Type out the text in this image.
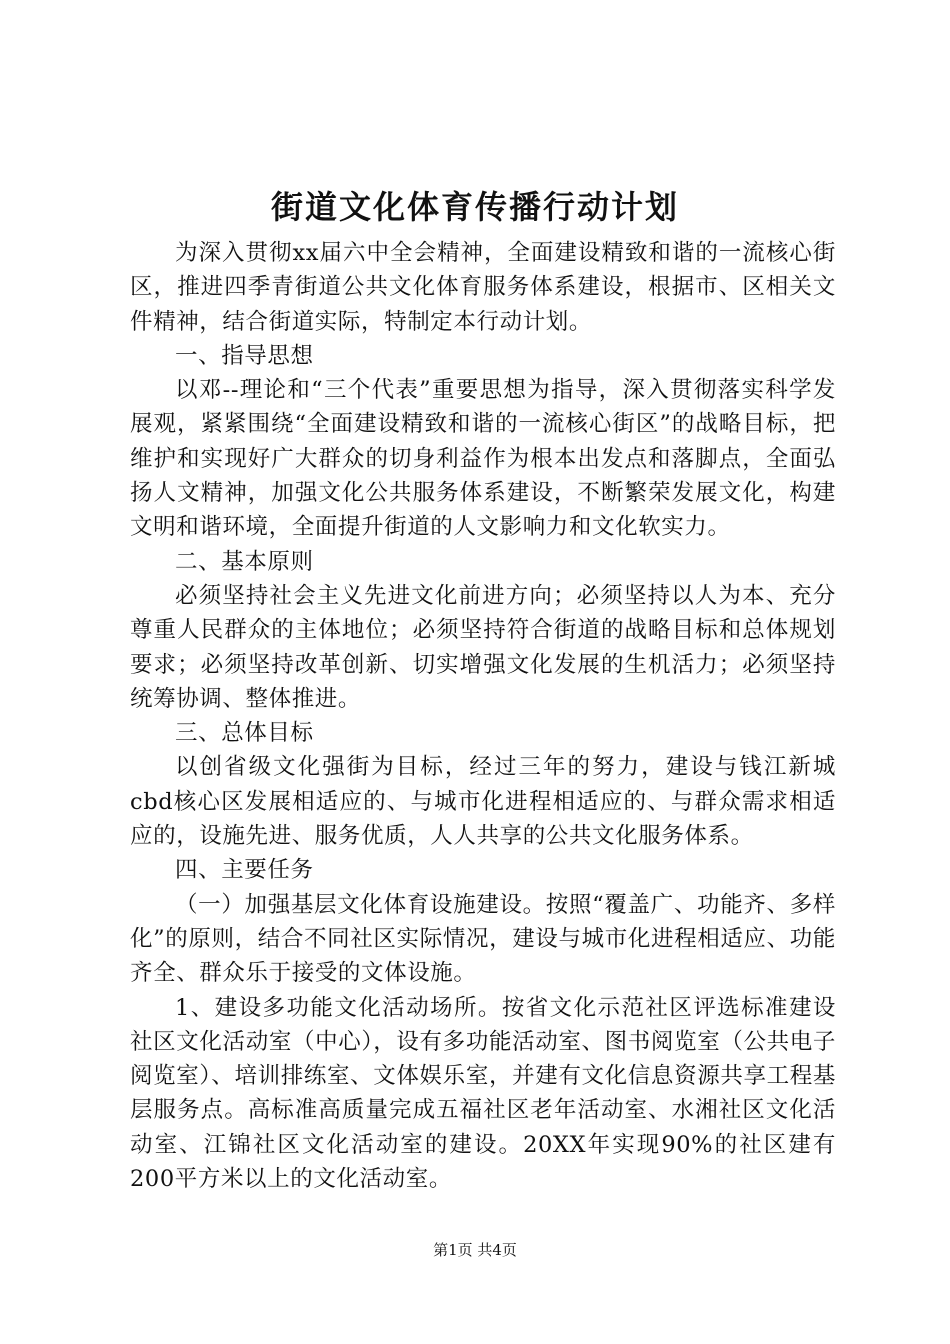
街道文化体育传播行动计划

为深入贯彻xx届六中全会精神，全面建设精致和谐的一流核心街区，推进四季青街道公共文化体育服务体系建设，根据市、区相关文件精神，结合街道实际，特制定本行动计划。

一、指导思想

以邓--理论和“三个代表”重要思想为指导，深入贯彻落实科学发展观，紧紧围绕“全面建设精致和谐的一流核心街区”的战略目标，把维护和实现好广大群众的切身利益作为根本出发点和落脚点，全面弘扬人文精神，加强文化公共服务体系建设，不断繁荣发展文化，构建文明和谐环境，全面提升街道的人文影响力和文化软实力。

二、基本原则

必须坚持社会主义先进文化前进方向；必须坚持以人为本、充分尊重人民群众的主体地位；必须坚持符合街道的战略目标和总体规划要求；必须坚持改革创新、切实增强文化发展的生机活力；必须坚持统筹协调、整体推进。

三、总体目标

以创省级文化强街为目标，经过三年的努力，建设与钱江新城cbd核心区发展相适应的、与城市化进程相适应的、与群众需求相适应的，设施先进、服务优质，人人共享的公共文化服务体系。

四、主要任务

（一）加强基层文化体育设施建设。按照“覆盖广、功能齐、多样化”的原则，结合不同社区实际情况，建设与城市化进程相适应、功能齐全、群众乐于接受的文体设施。

1、建设多功能文化活动场所。按省文化示范社区评选标准建设社区文化活动室（中心），设有多功能活动室、图书阅览室（公共电子阅览室）、培训排练室、文体娱乐室，并建有文化信息资源共享工程基层服务点。高标准高质量完成五福社区老年活动室、水湘社区文化活动室、江锦社区文化活动室的建设。20XX年实现90%的社区建有200平方米以上的文化活动室。

第1页 共4页
